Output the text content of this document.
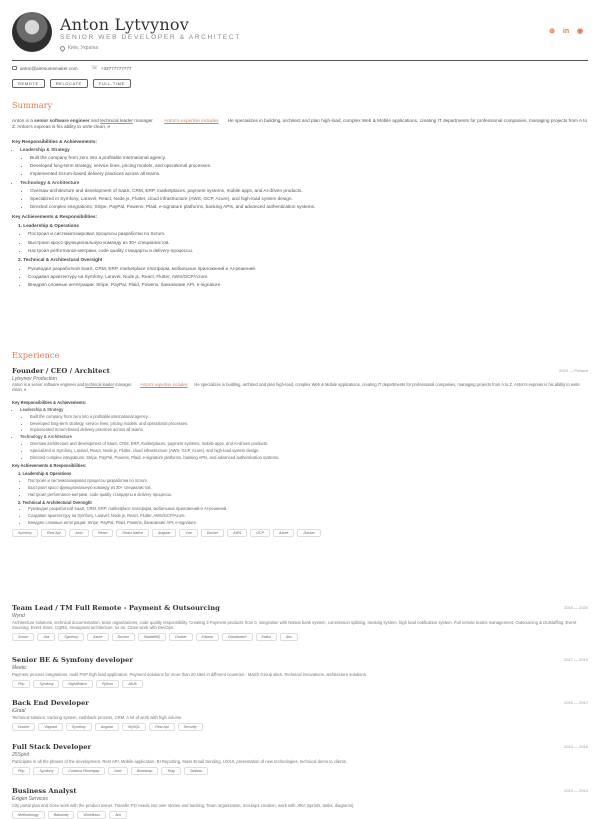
Anton Lytvynov
SENIOR WEB DEVELOPER & ARCHITECT
Київ, Україна
⊕ in ◉
anton@airesumemaker.com	☏ +33777777777
REMOTE	RELOCATE	FULL-TIME
Summary

Anton is a senior software engineer and technical leader manager. Anton's expertise includes He specializes in building, architect and plan high-load, complex Web & Mobile applications, creating IT departments for professional companies, managing projects from A to Z. Anton's expreas is his ability to write clean, e

Key Responsibilities & Achievements:
• Leadership & Strategy
• Built the company from zero into a profitable international agency.
• Developed long-term strategy, service lines, pricing models, and operational processes.
• Implemented Scrum-based delivery practices across all teams.
• Technology & Architecture
• Oversaw architecture and development of SaaS, CRM, ERP, marketplaces, payment systems, mobile apps, and AI-driven products.
• Specialized in Symfony, Laravel, React, Node.js, Flutter, cloud infrastructure (AWS, GCP, Azure), and high-load system design.
• Directed complex integrations: Stripe, PayPal, Powens, Plaid, e-signature platforms, banking APIs, and advanced authentication systems.
Key Achievements & Responsibilities:
1. Leadership & Operations
• Построил и систематизировал процессы разработки по Scrum.
• Выстроил кросс-функциональную команду из 30+ специалистов.
• Настроил performance-метрики, code quality стандарты и delivery-процессы.
2. Technical & Architectural Oversight
• Руководил разработкой SaaS, CRM, ERP, marketplace платформ, мобильных приложений и AI-решений.
• Создавал архитектуру на Symfony, Laravel, Node.js, React, Flutter, AWS/GCP/Azure.
• Внедрял сложные интеграции: Stripe, PayPal, Plaid, Powens, банковские API, e-signature.
Experience
Founder / CEO / Architect	2020 — Present
Lytvynov Production

Anton is a senior software engineer and technical leader manager. Anton's expertise includes He specializes in building, architect and plan high-load, complex Web & Mobile applications, creating IT departments for professional companies, managing projects from A to Z. Anton's expreas is his ability to write clean, e

Key Responsibilities & Achievements:
• Leadership & Strategy
• Built the company from zero into a profitable international agency.
• Developed long-term strategy, service lines, pricing models, and operational processes.
• Implemented Scrum-based delivery practices across all teams.
• Technology & Architecture
• Oversaw architecture and development of SaaS, CRM, ERP, marketplaces, payment systems, mobile apps, and AI-driven products.
• Specialized in Symfony, Laravel, React, Node.js, Flutter, cloud infrastructure (AWS, GCP, Azure), and high-load system design.
• Directed complex integrations: Stripe, PayPal, Powens, Plaid, e-signature platforms, banking APIs, and advanced authentication systems.
Key Achievements & Responsibilities:
1. Leadership & Operations
• Построил и систематизировал процессы разработки по Scrum.
• Выстроил кросс-функциональную команду из 30+ специалистов.
• Настроил performance-метрики, code quality стандарты и delivery-процессы.
2. Technical & Architectural Oversight
• Руководил разработкой SaaS, CRM, ERP, marketplace платформ, мобильных приложений и AI-решений.
• Создавал архитектуру на Symfony, Laravel, Node.js, React, Flutter, AWS/GCP/Azure.
• Внедрял сложные интеграции: Stripe, PayPal, Plaid, Powens, банковские API, e-signature.
Symfony	Rest Api	Ionic	React	React Native	Angular	Vue	Docker	AWS	GCP	Azure	Docker
Team Lead / TM Full Remote - Payment & Outsourcing	2015 — 2020
Wynd
Architecture solutions, technical documentation, team organizations, code quality responsibility. Creating 3 Payment products from 0, integration with Natixis bank system, commission splitting, tracking system, high load notification system. Full remote teams management, Outsourcing & Outstaffing. Event Sourcing, Event Store, CQRS, Hexagonal architecture, so on. Close work with DevOps.
Scrum	Jira	Symfony	Azure	Docker	RabbitMQ	Docker	Kibana	Cloudwatch	Kafka	Aks
Senior BE & Symfony developer	2017 — 2019
Meetic
Payment process integrations, multi PSP high load application. Payment solutions for more than 20 sites in different countries - Match Group sites. Technical innovations, architecture solutions.
Php	Symfony	NightWatch	Python	JAVA
Back End Developer	2016 — 2017
iGraal
Technical solution, tracking system, cashback process, CRM. A lot of work with high volume
Docker	Vagrant	Symfony	Angular	MySQL	Rest Api	Security
Full Stack Developer	2014 — 2016
25Spirit
Participate in all the phases of the development. Rest API, Mobile application, BI Reporting, Mass Email Sending, UX/UI, presentation of new technologies, technical demo to clients.
Php	Symfony	Cordova Phonegap	Ionic	Bootstrap	Twig	Tableau
Business Analyst	2013 — 2014
Exigen Services
City portal plan and close work with the product owner. Transfer PO needs into user stories and backlog. Team organization, mockups creation, work with JIRA (sprints, tasks, diagrams).
Methodology	Balsamiq	Workflows	Jira
